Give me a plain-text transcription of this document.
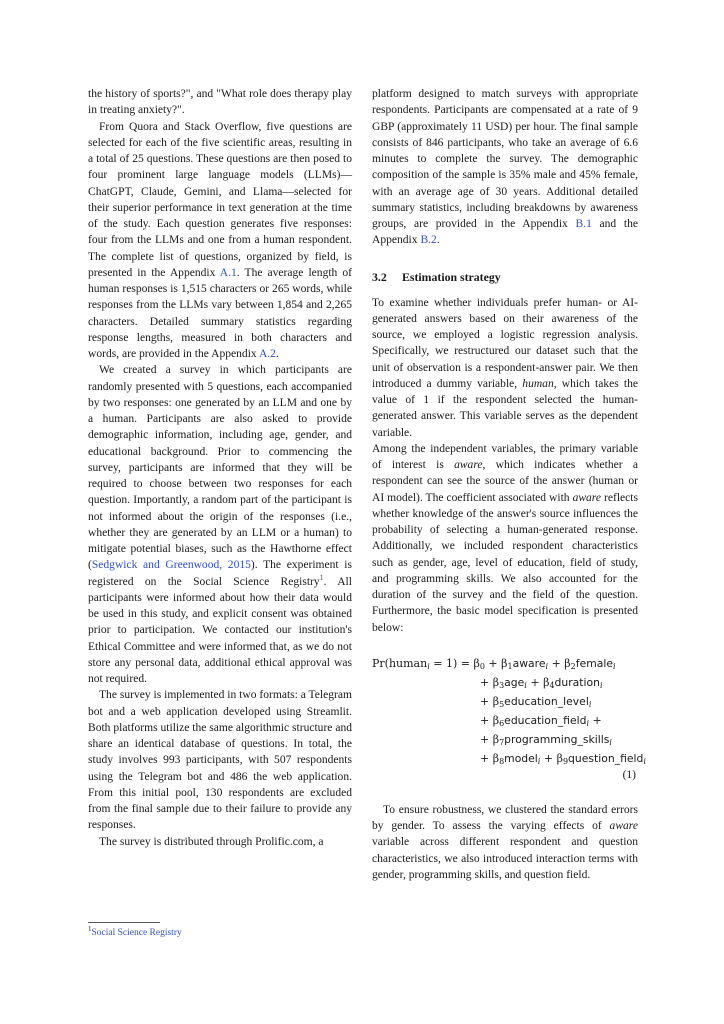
the history of sports?", and "What role does therapy play in treating anxiety?".

From Quora and Stack Overflow, five questions are selected for each of the five scientific areas, resulting in a total of 25 questions. These questions are then posed to four prominent large language models (LLMs)—ChatGPT, Claude, Gemini, and Llama—selected for their superior performance in text generation at the time of the study. Each question generates five responses: four from the LLMs and one from a human respondent. The complete list of questions, organized by field, is presented in the Appendix A.1. The average length of human responses is 1,515 characters or 265 words, while responses from the LLMs vary between 1,854 and 2,265 characters. Detailed summary statistics regarding response lengths, measured in both characters and words, are provided in the Appendix A.2.

We created a survey in which participants are randomly presented with 5 questions, each accompanied by two responses: one generated by an LLM and one by a human. Participants are also asked to provide demographic information, including age, gender, and educational background. Prior to commencing the survey, participants are informed that they will be required to choose between two responses for each question. Importantly, a random part of the participant is not informed about the origin of the responses (i.e., whether they are generated by an LLM or a human) to mitigate potential biases, such as the Hawthorne effect (Sedgwick and Greenwood, 2015). The experiment is registered on the Social Science Registry$^1$. All participants were informed about how their data would be used in this study, and explicit consent was obtained prior to participation. We contacted our institution's Ethical Committee and were informed that, as we do not store any personal data, additional ethical approval was not required.

The survey is implemented in two formats: a Telegram bot and a web application developed using Streamlit. Both platforms utilize the same algorithmic structure and share an identical database of questions. In total, the study involves 993 participants, with 507 respondents using the Telegram bot and 486 the web application. From this initial pool, 130 respondents are excluded from the final sample due to their failure to provide any responses.

The survey is distributed through Prolific.com, a

platform designed to match surveys with appropriate respondents. Participants are compensated at a rate of 9 GBP (approximately 11 USD) per hour. The final sample consists of 846 participants, who take an average of 6.6 minutes to complete the survey. The demographic composition of the sample is 35% male and 45% female, with an average age of 30 years. Additional detailed summary statistics, including breakdowns by awareness groups, are provided in the Appendix B.1 and the Appendix B.2.

3.2 Estimation strategy

To examine whether individuals prefer human- or AI-generated answers based on their awareness of the source, we employed a logistic regression analysis. Specifically, we restructured our dataset such that the unit of observation is a respondent-answer pair. We then introduced a dummy variable, human, which takes the value of 1 if the respondent selected the human-generated answer. This variable serves as the dependent variable.

Among the independent variables, the primary variable of interest is aware, which indicates whether a respondent can see the source of the answer (human or AI model). The coefficient associated with aware reflects whether knowledge of the answer's source influences the probability of selecting a human-generated response. Additionally, we included respondent characteristics such as gender, age, level of education, field of study, and programming skills. We also accounted for the duration of the survey and the field of the question. Furthermore, the basic model specification is presented below:

Pr(humani = $1) = \beta_0$ + $\beta_1awarei$ + $\beta_2femalei$
+ $\beta_3agei$ + $\beta_4durationi$
+ $\beta_5education\_leveli$
+ $\beta_6education\_fieldi$ +
+ $\beta_7programming\_skillsi$
+ $\beta_8modeli$ + $\beta_9question\_fieldi$
(1)

To ensure robustness, we clustered the standard errors by gender. To assess the varying effects of aware variable across different respondent and question characteristics, we also introduced interaction terms with gender, programming skills, and question field.

$^1$Social Science Registry
